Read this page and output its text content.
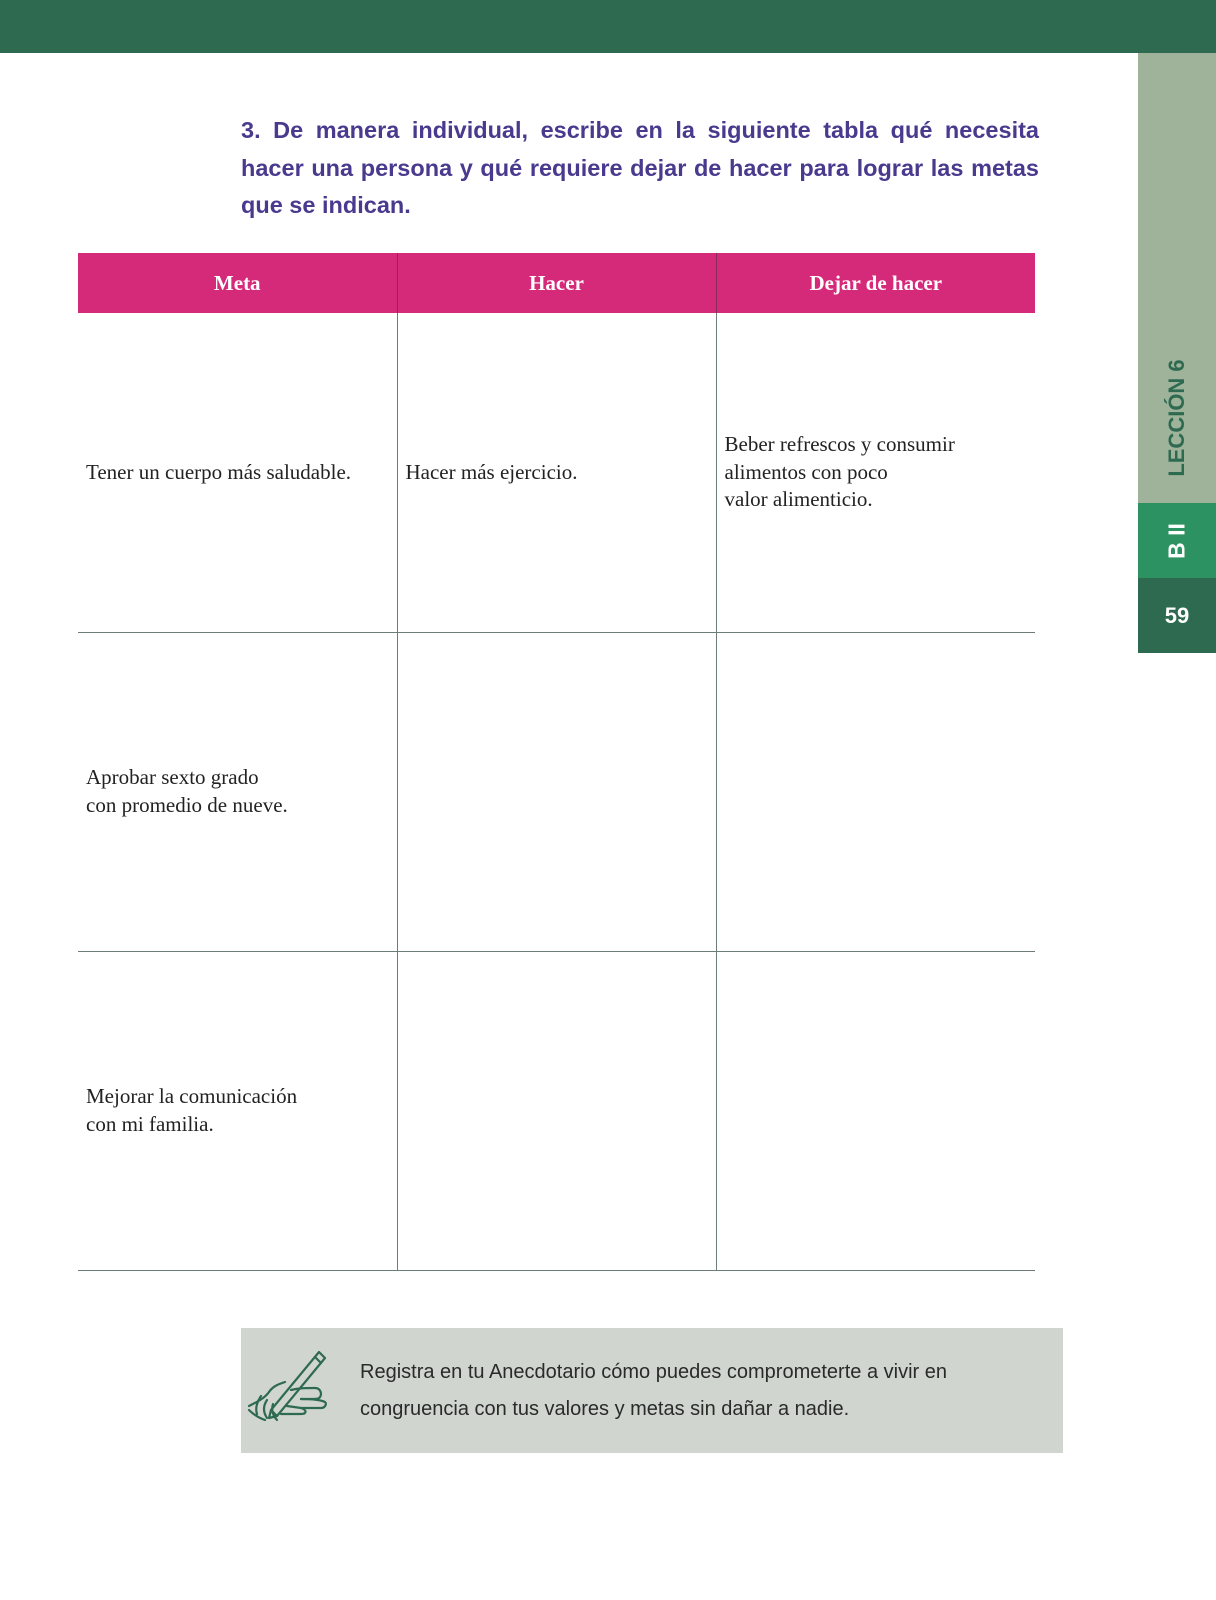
LECCIÓN 6
B II
59

3. De manera individual, escribe en la siguiente tabla qué necesita hacer una persona y qué requiere dejar de hacer para lograr las metas que se indican.

Meta	Hacer	Dejar de hacer

Tener un cuerpo más saludable.	Hacer más ejercicio.	Beber refrescos y consumir
alimentos con poco
valor alimenticio.

Aprobar sexto grado
con promedio de nueve.		

Mejorar la comunicación
con mi familia.		

Registra en tu Anecdotario cómo puedes comprometerte a vivir en congruencia con tus valores y metas sin dañar a nadie.
